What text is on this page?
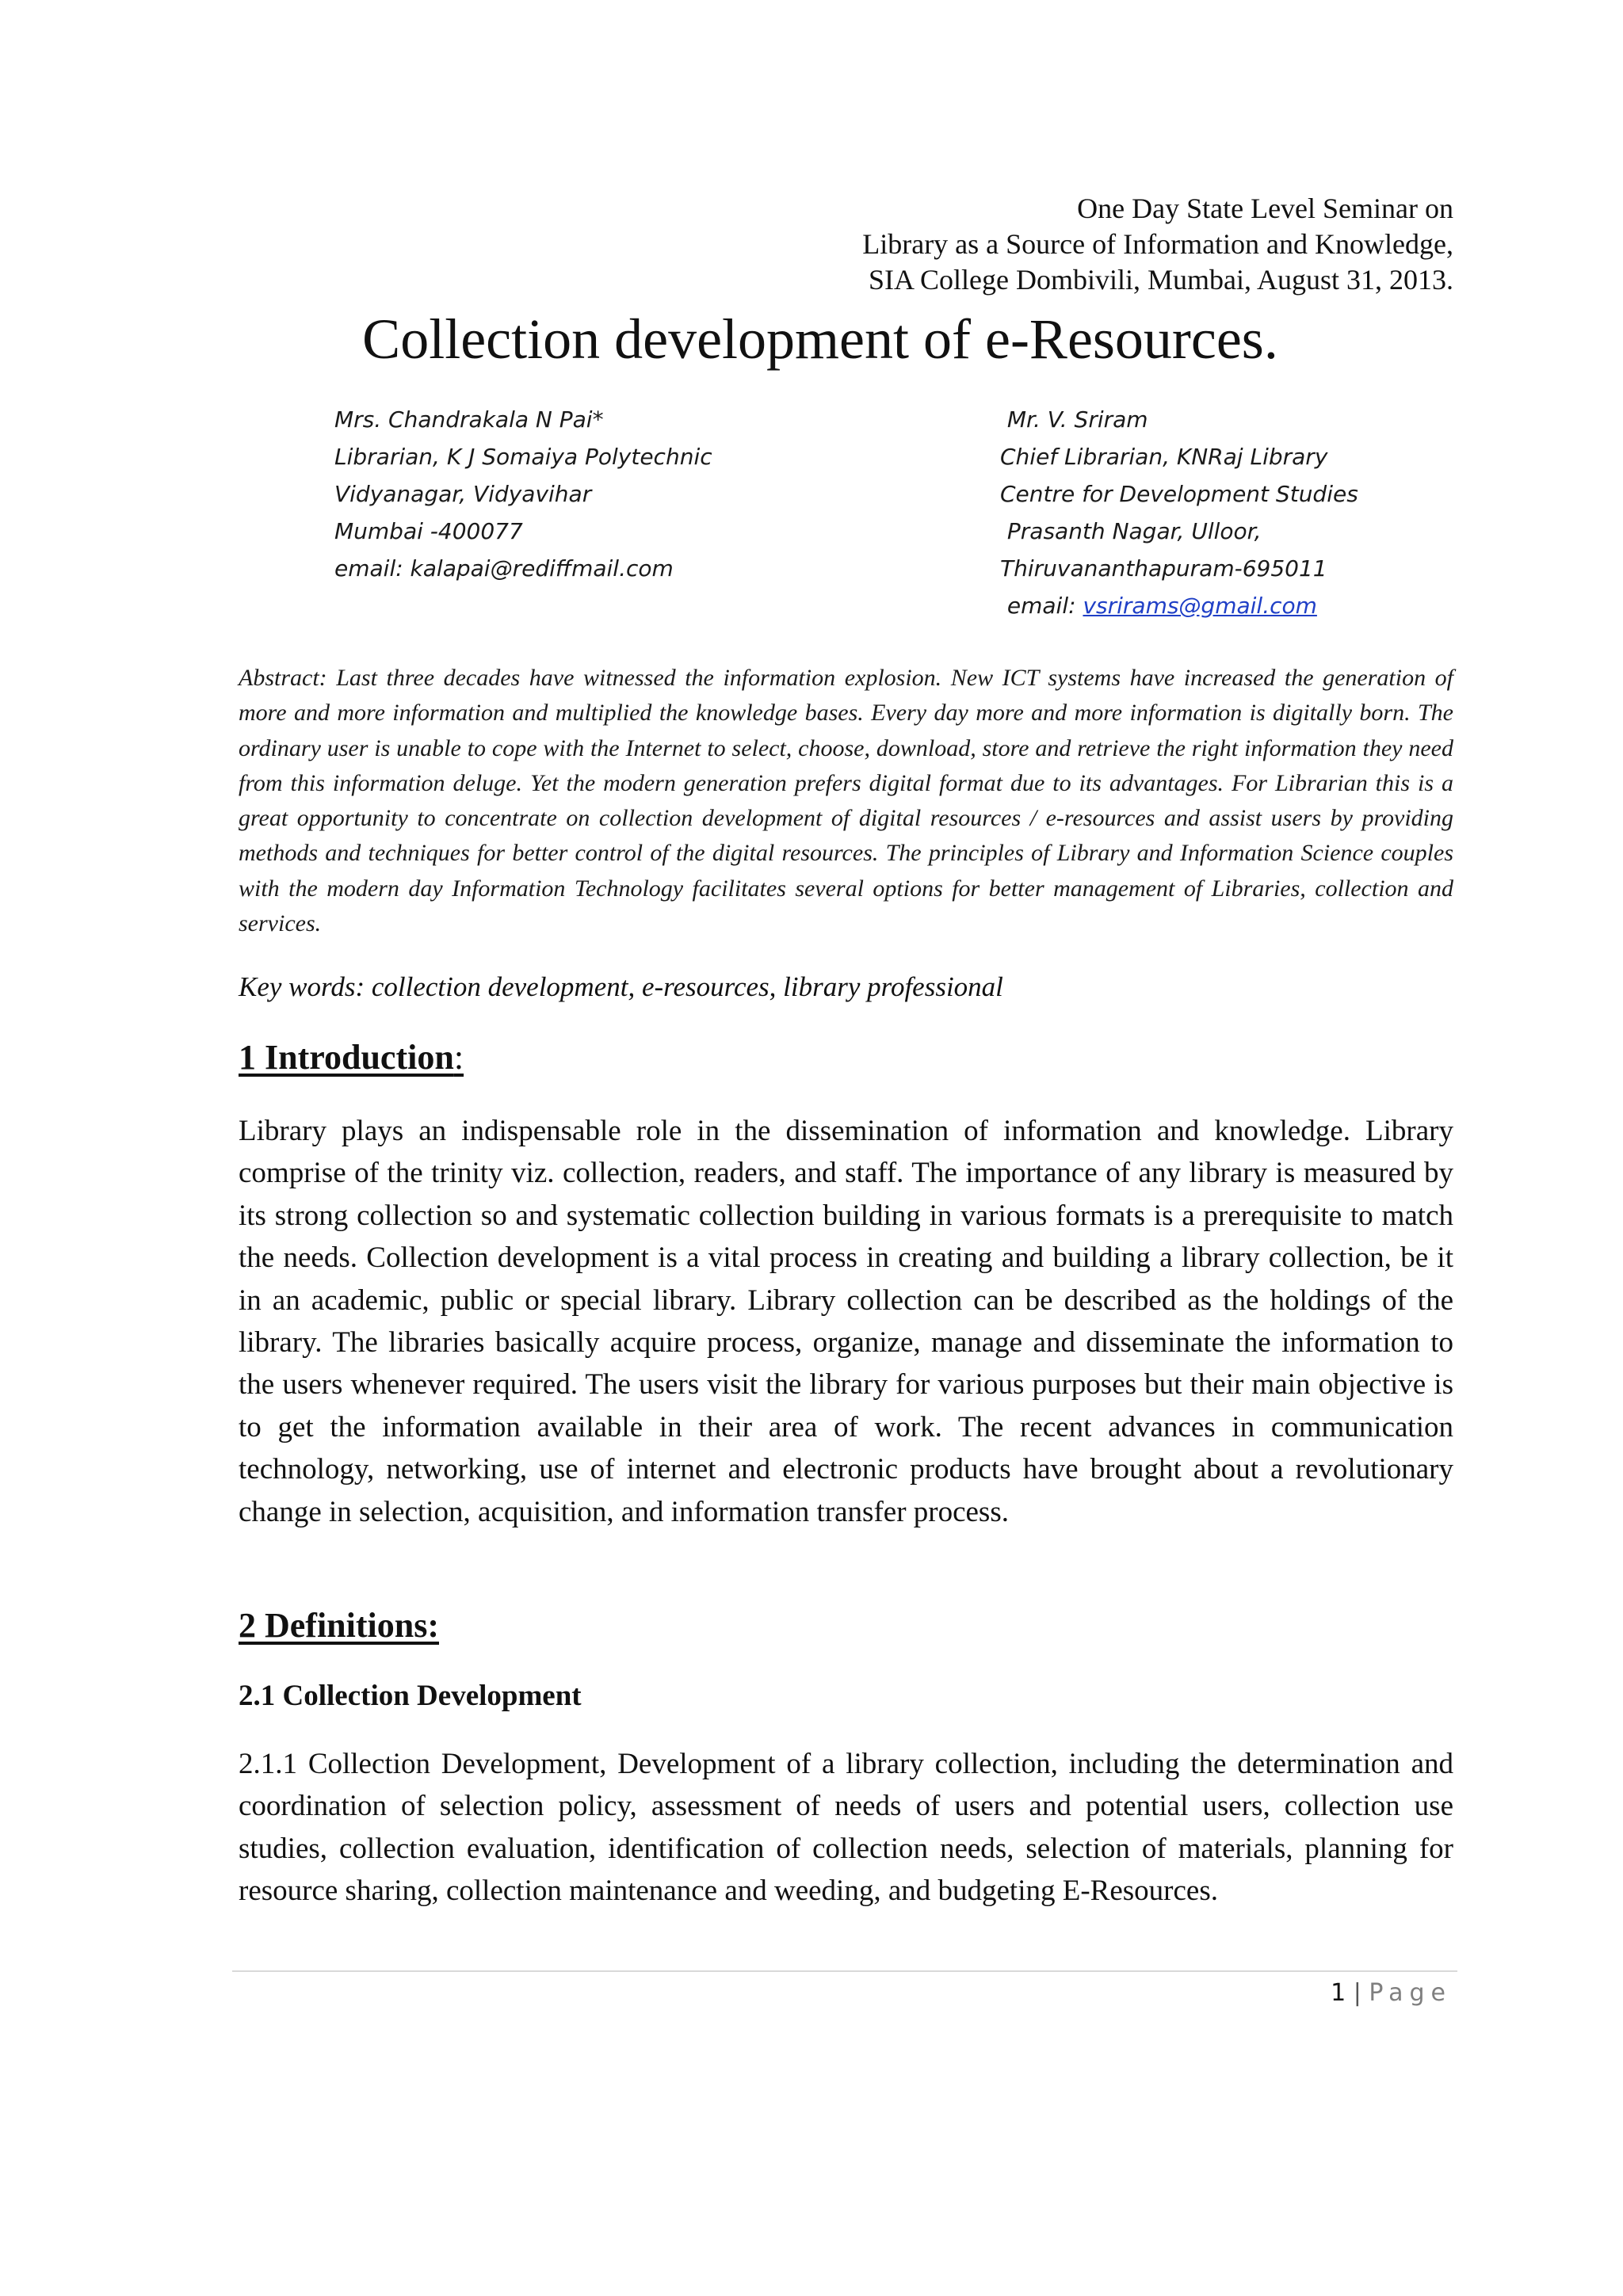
One Day State Level Seminar on
Library as a Source of Information and Knowledge,
SIA College Dombivili, Mumbai, August 31, 2013.
Collection development of e-Resources.
Mrs. Chandrakala N Pai*
Librarian, K J Somaiya Polytechnic
Vidyanagar, Vidyavihar
Mumbai -400077
email: kalapai@rediffmail.com
Mr. V. Sriram
Chief Librarian, KNRaj Library
Centre for Development Studies
Prasanth Nagar, Ulloor,
Thiruvananthapuram-695011
email: vsrirams@gmail.com
Abstract: Last three decades have witnessed the information explosion. New ICT systems have increased the generation of more and more information and multiplied the knowledge bases. Every day more and more information is digitally born. The ordinary user is unable to cope with the Internet to select, choose, download, store and retrieve the right information they need from this information deluge. Yet the modern generation prefers digital format due to its advantages. For Librarian this is a great opportunity to concentrate on collection development of digital resources / e-resources and assist users by providing methods and techniques for better control of the digital resources. The principles of Library and Information Science couples with the modern day Information Technology facilitates several options for better management of Libraries, collection and services.
Key words: collection development, e-resources, library professional
1 Introduction:
Library plays an indispensable role in the dissemination of information and knowledge. Library comprise of the trinity viz. collection, readers, and staff. The importance of any library is measured by its strong collection so and systematic collection building in various formats is a prerequisite to match the needs. Collection development is a vital process in creating and building a library collection, be it in an academic, public or special library. Library collection can be described as the holdings of the library. The libraries basically acquire process, organize, manage and disseminate the information to the users whenever required. The users visit the library for various purposes but their main objective is to get the information available in their area of work. The recent advances in communication technology, networking, use of internet and electronic products have brought about a revolutionary change in selection, acquisition, and information transfer process.
2 Definitions:
2.1 Collection Development
2.1.1 Collection Development, Development of a library collection, including the determination and coordination of selection policy, assessment of needs of users and potential users, collection use studies, collection evaluation, identification of collection needs, selection of materials, planning for resource sharing, collection maintenance and weeding, and budgeting E-Resources.
1 | Page
